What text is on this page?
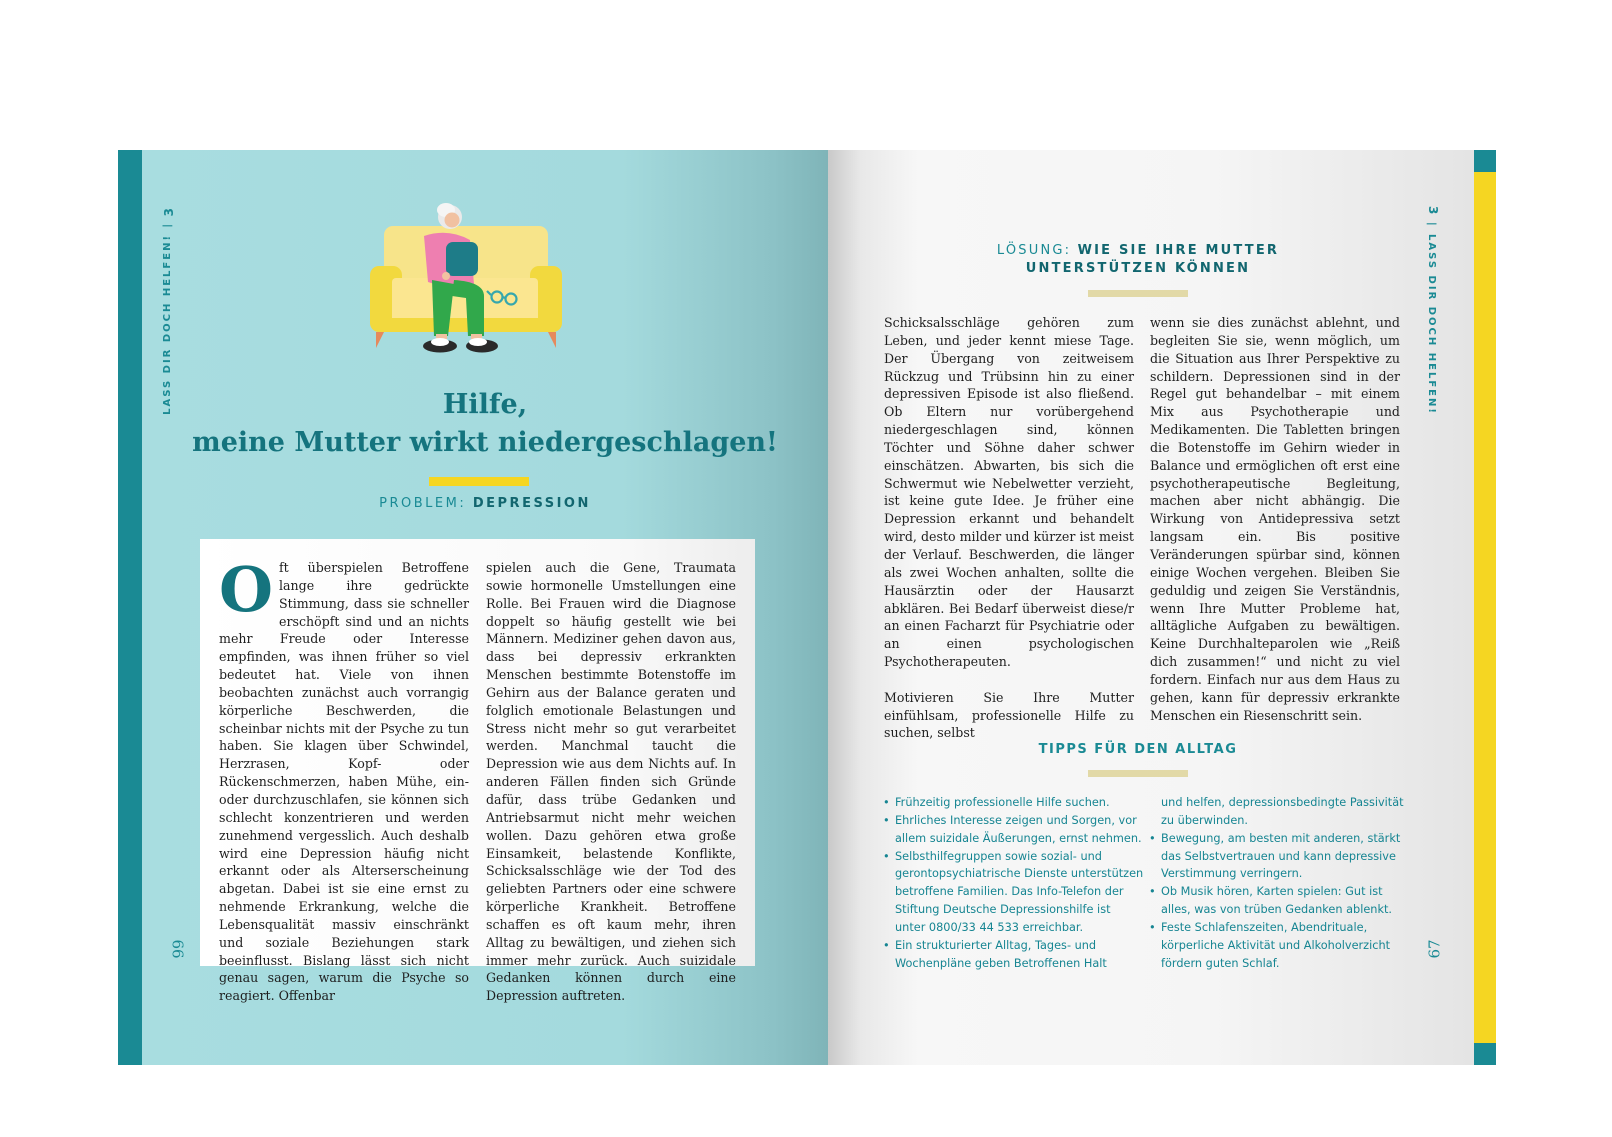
3
|
LASS DIR DOCH HELFEN!	Hilfe,
meine Mutter wirkt niedergeschlagen!
PROBLEM: DEPRESSION
Oft überspielen Betroffene lange ihre gedrückte Stimmung, dass sie schneller erschöpft sind und an nichts mehr Freude oder Interesse empfinden, was ihnen früher so viel bedeutet hat. Viele von ihnen beobachten zunächst auch vorrangig körperliche Beschwerden, die scheinbar nichts mit der Psyche zu tun haben. Sie klagen über Schwindel, Herzrasen, Kopf- oder Rückenschmerzen, haben Mühe, ein- oder durchzuschlafen, sie können sich schlecht konzentrieren und werden zunehmend vergesslich. Auch deshalb wird eine Depression häufig nicht erkannt oder als Alterserscheinung abgetan. Dabei ist sie eine ernst zu nehmende Erkrankung, welche die Lebensqualität massiv einschränkt und soziale Beziehungen stark beeinflusst. Bislang lässt sich nicht genau sagen, warum die Psyche so reagiert. Offenbar
spielen auch die Gene, Traumata sowie hormonelle Umstellungen eine Rolle. Bei Frauen wird die Diagnose doppelt so häufig gestellt wie bei Männern. Mediziner gehen davon aus, dass bei depressiv erkrankten Menschen bestimmte Botenstoffe im Gehirn aus der Balance geraten und folglich emotionale Belastungen und Stress nicht mehr so gut verarbeitet werden. Manchmal taucht die Depression wie aus dem Nichts auf. In anderen Fällen finden sich Gründe dafür, dass trübe Gedanken und Antriebsarmut nicht mehr weichen wollen. Dazu gehören etwa große Einsamkeit, belastende Konflikte, Schicksalsschläge wie der Tod des geliebten Partners oder eine schwere körperliche Krankheit. Betroffene schaffen es oft kaum mehr, ihren Alltag zu bewältigen, und ziehen sich immer mehr zurück. Auch suizidale Gedanken können durch eine Depression auftreten.
66
LÖSUNG: WIE SIE IHRE MUTTER
UNTERSTÜTZEN KÖNNEN

Schicksalsschläge gehören zum Leben, und jeder kennt miese Tage. Der Übergang von zeitweisem Rückzug und Trübsinn hin zu einer depressiven Episode ist also fließend. Ob Eltern nur vorübergehend niedergeschlagen sind, können Töchter und Söhne daher schwer einschätzen. Abwarten, bis sich die Schwermut wie Nebelwetter verzieht, ist keine gute Idee. Je früher eine Depression erkannt und behandelt wird, desto milder und kürzer ist meist der Verlauf. Beschwerden, die länger als zwei Wochen anhalten, sollte die Hausärztin oder der Hausarzt abklären. Bei Bedarf überweist diese/r an einen Facharzt für Psychiatrie oder an einen psychologischen Psychotherapeuten.

Motivieren Sie Ihre Mutter einfühlsam, professionelle Hilfe zu suchen, selbst

wenn sie dies zunächst ablehnt, und begleiten Sie sie, wenn möglich, um die Situation aus Ihrer Perspektive zu schildern. Depressionen sind in der Regel gut behandelbar – mit einem Mix aus Psychotherapie und Medikamenten. Die Tabletten bringen die Botenstoffe im Gehirn wieder in Balance und ermöglichen oft erst eine psychotherapeutische Begleitung, machen aber nicht abhängig. Die Wirkung von Antidepressiva setzt langsam ein. Bis positive Veränderungen spürbar sind, können einige Wochen vergehen. Bleiben Sie geduldig und zeigen Sie Verständnis, wenn Ihre Mutter Probleme hat, alltägliche Aufgaben zu bewältigen. Keine Durchhalteparolen wie „Reiß dich zusammen!“ und nicht zu viel fordern. Einfach nur aus dem Haus zu gehen, kann für depressiv erkrankte Menschen ein Riesenschritt sein.

TIPPS FÜR DEN ALLTAG
• Frühzeitig professionelle Hilfe suchen.
• Ehrliches Interesse zeigen und Sorgen, vor allem suizidale Äußerungen, ernst nehmen.
• Selbsthilfegruppen sowie sozial- und gerontopsychiatrische Dienste unterstützen betroffene Familien. Das Info-Telefon der Stiftung Deutsche Depressionshilfe ist unter 0800/33 44 533 erreichbar.
• Ein strukturierter Alltag, Tages- und Wochenpläne geben Betroffenen Halt
und helfen, depressionsbedingte Passivität zu überwinden.
• Bewegung, am besten mit anderen, stärkt das Selbstvertrauen und kann depressive Verstimmung verringern.
• Ob Musik hören, Karten spielen: Gut ist alles, was von trüben Gedanken ablenkt.
• Feste Schlafenszeiten, Abendrituale, körperliche Aktivität und Alkoholverzicht fördern guten Schlaf.
3
|
LASS DIR DOCH HELFEN!
67
